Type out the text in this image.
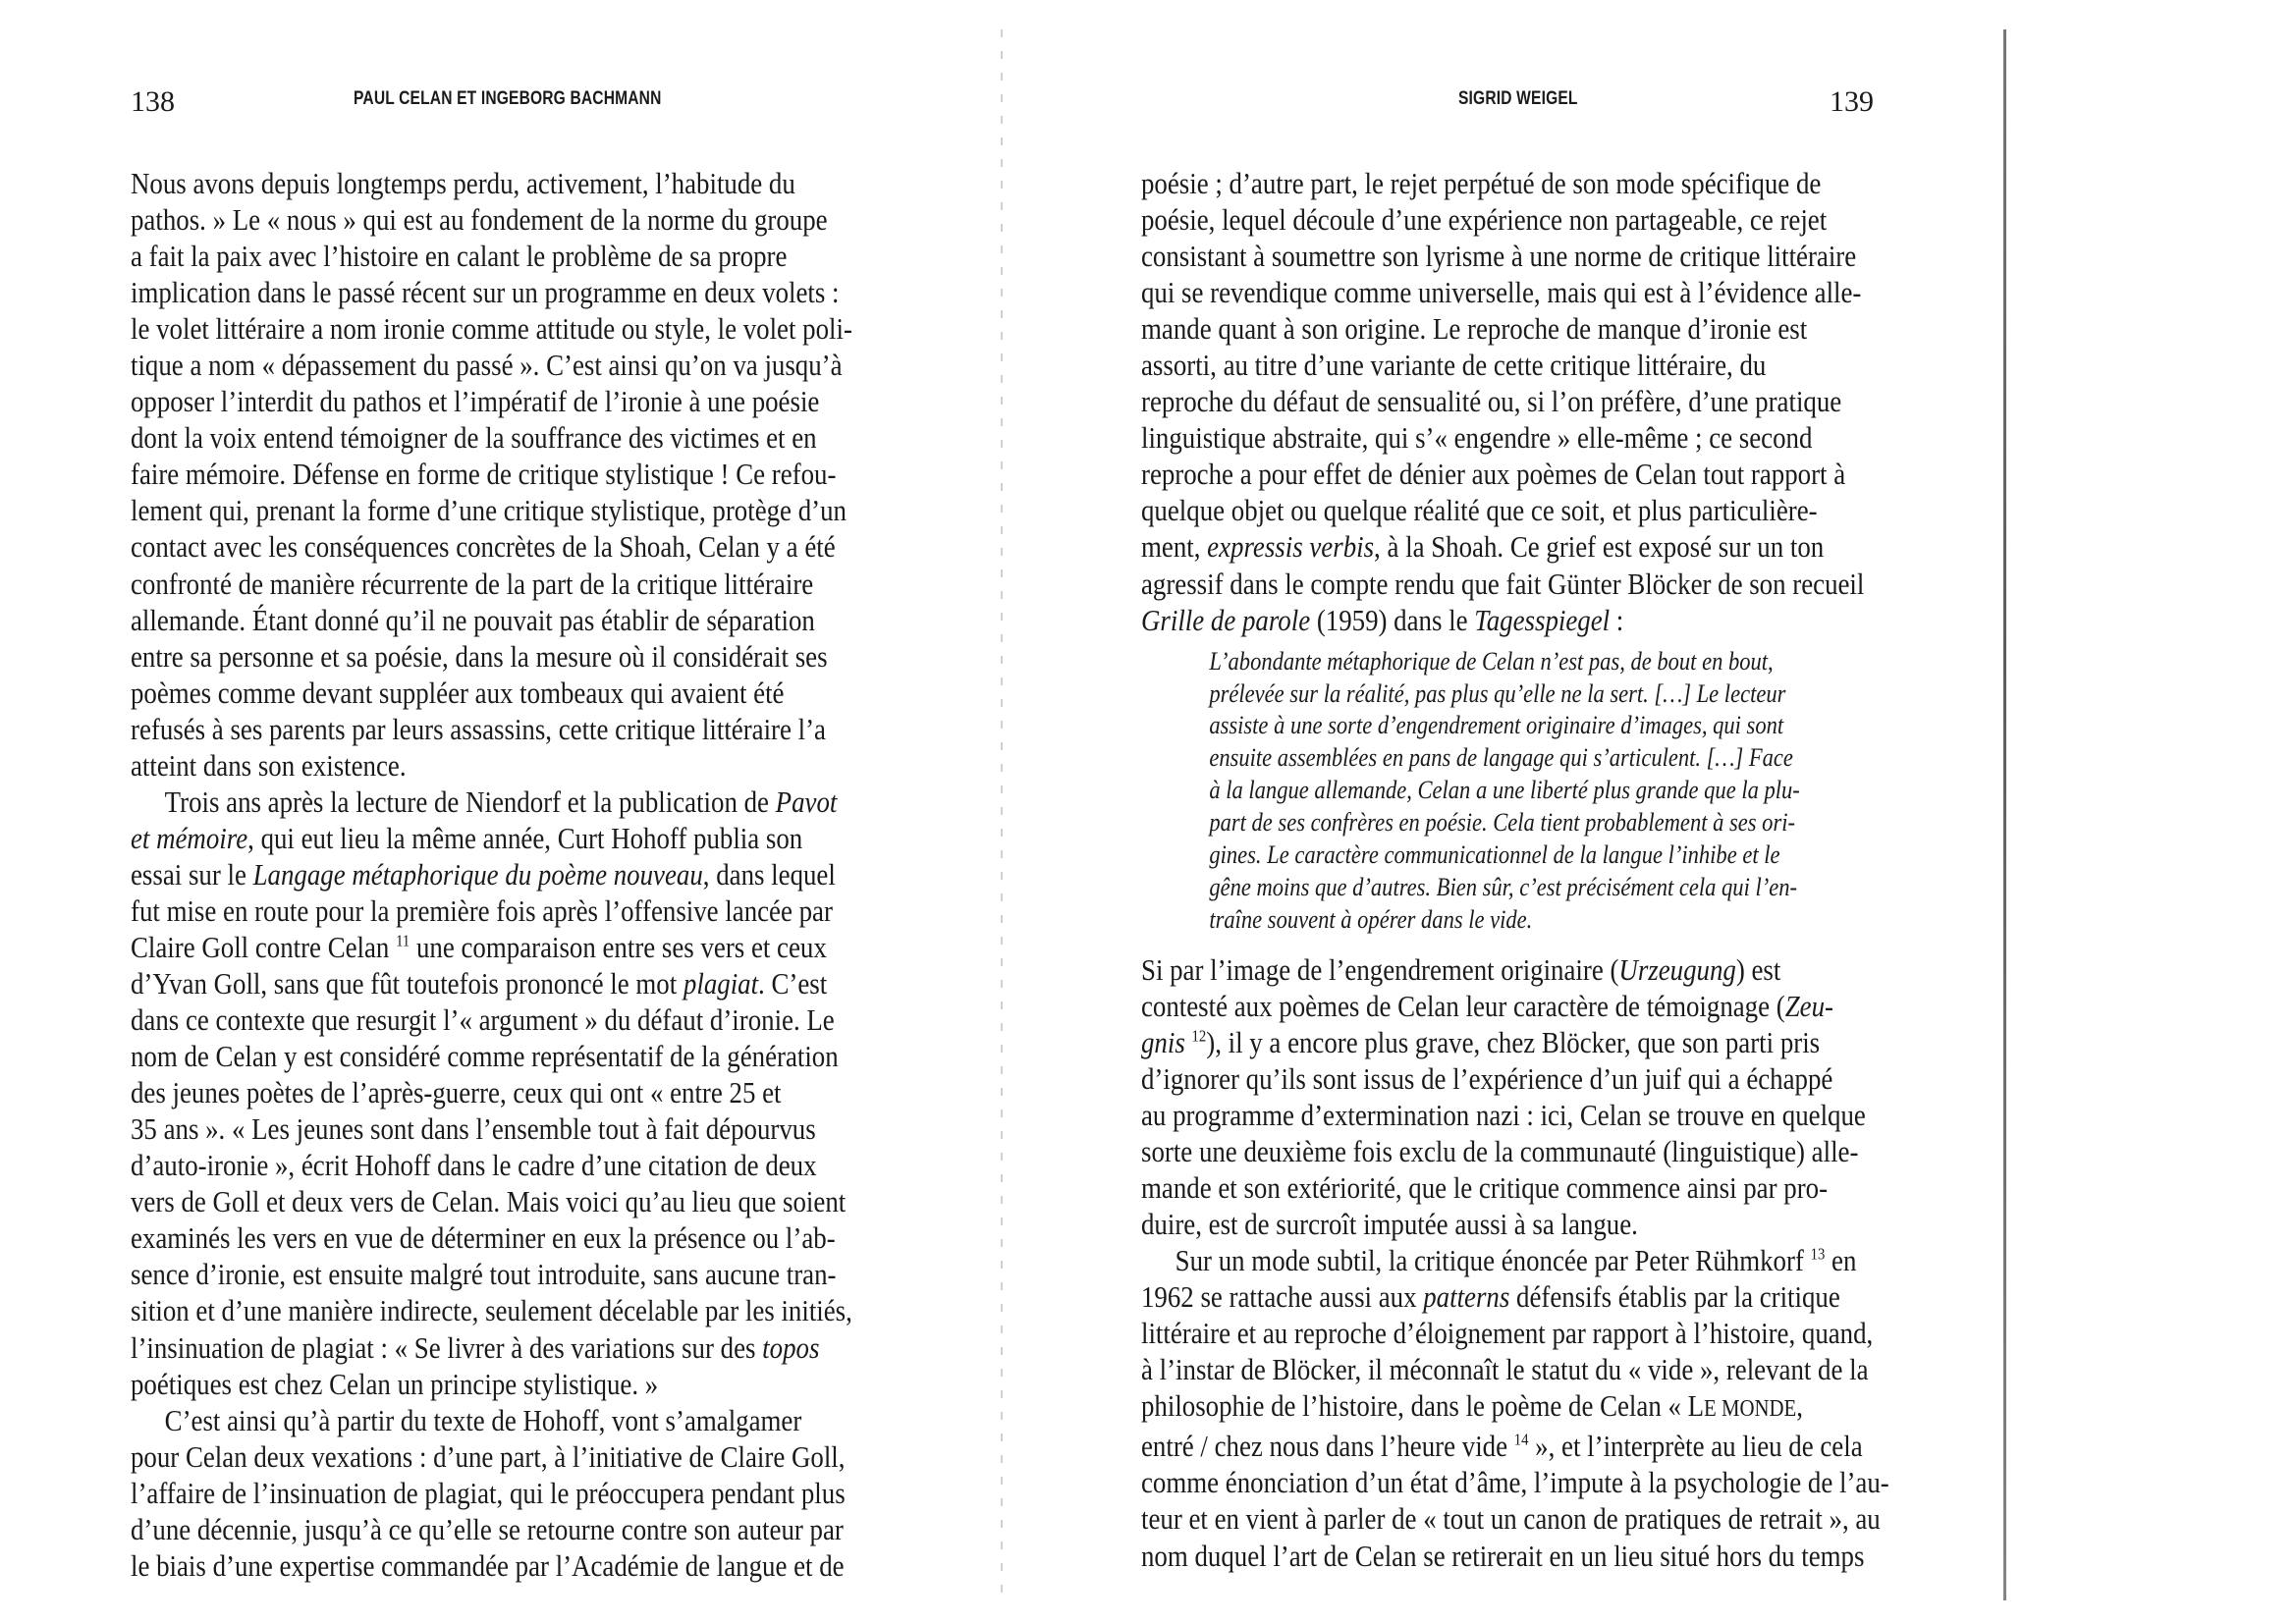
138	PAUL CELAN ET INGEBORG BACHMANN

Nous avons depuis longtemps perdu, activement, l’habitude du
pathos. » Le « nous » qui est au fondement de la norme du groupe
a fait la paix avec l’histoire en calant le problème de sa propre
implication dans le passé récent sur un programme en deux volets :
le volet littéraire a nom ironie comme attitude ou style, le volet poli-
tique a nom « dépassement du passé ». C’est ainsi qu’on va jusqu’à
opposer l’interdit du pathos et l’impératif de l’ironie à une poésie
dont la voix entend témoigner de la souffrance des victimes et en
faire mémoire. Défense en forme de critique stylistique ! Ce refou-
lement qui, prenant la forme d’une critique stylistique, protège d’un
contact avec les conséquences concrètes de la Shoah, Celan y a été
confronté de manière récurrente de la part de la critique littéraire
allemande. Étant donné qu’il ne pouvait pas établir de séparation
entre sa personne et sa poésie, dans la mesure où il considérait ses
poèmes comme devant suppléer aux tombeaux qui avaient été
refusés à ses parents par leurs assassins, cette critique littéraire l’a
atteint dans son existence.

Trois ans après la lecture de Niendorf et la publication de Pavot
et mémoire, qui eut lieu la même année, Curt Hohoff publia son
essai sur le Langage métaphorique du poème nouveau, dans lequel
fut mise en route pour la première fois après l’offensive lancée par
Claire Goll contre Celan $^{11}$ une comparaison entre ses vers et ceux
d’Yvan Goll, sans que fût toutefois prononcé le mot plagiat. C’est
dans ce contexte que resurgit l’« argument » du défaut d’ironie. Le
nom de Celan y est considéré comme représentatif de la génération
des jeunes poètes de l’après-guerre, ceux qui ont « entre 25 et
35 ans ». « Les jeunes sont dans l’ensemble tout à fait dépourvus
d’auto-ironie », écrit Hohoff dans le cadre d’une citation de deux
vers de Goll et deux vers de Celan. Mais voici qu’au lieu que soient
examinés les vers en vue de déterminer en eux la présence ou l’ab-
sence d’ironie, est ensuite malgré tout introduite, sans aucune tran-
sition et d’une manière indirecte, seulement décelable par les initiés,
l’insinuation de plagiat : « Se livrer à des variations sur des topos
poétiques est chez Celan un principe stylistique. »

C’est ainsi qu’à partir du texte de Hohoff, vont s’amalgamer
pour Celan deux vexations : d’une part, à l’initiative de Claire Goll,
l’affaire de l’insinuation de plagiat, qui le préoccupera pendant plus
d’une décennie, jusqu’à ce qu’elle se retourne contre son auteur par
le biais d’une expertise commandée par l’Académie de langue et de

SIGRID WEIGEL	139

poésie ; d’autre part, le rejet perpétué de son mode spécifique de
poésie, lequel découle d’une expérience non partageable, ce rejet
consistant à soumettre son lyrisme à une norme de critique littéraire
qui se revendique comme universelle, mais qui est à l’évidence alle-
mande quant à son origine. Le reproche de manque d’ironie est
assorti, au titre d’une variante de cette critique littéraire, du
reproche du défaut de sensualité ou, si l’on préfère, d’une pratique
linguistique abstraite, qui s’« engendre » elle-même ; ce second
reproche a pour effet de dénier aux poèmes de Celan tout rapport à
quelque objet ou quelque réalité que ce soit, et plus particulière-
ment, expressis verbis, à la Shoah. Ce grief est exposé sur un ton
agressif dans le compte rendu que fait Günter Blöcker de son recueil
Grille de parole (1959) dans le Tagesspiegel :

L’abondante métaphorique de Celan n’est pas, de bout en bout,
prélevée sur la réalité, pas plus qu’elle ne la sert. […] Le lecteur
assiste à une sorte d’engendrement originaire d’images, qui sont
ensuite assemblées en pans de langage qui s’articulent. […] Face
à la langue allemande, Celan a une liberté plus grande que la plu-
part de ses confrères en poésie. Cela tient probablement à ses ori-
gines. Le caractère communicationnel de la langue l’inhibe et le
gêne moins que d’autres. Bien sûr, c’est précisément cela qui l’en-
traîne souvent à opérer dans le vide.

Si par l’image de l’engendrement originaire (Urzeugung) est
contesté aux poèmes de Celan leur caractère de témoignage (Zeu-
gnis $^{12}$), il y a encore plus grave, chez Blöcker, que son parti pris
d’ignorer qu’ils sont issus de l’expérience d’un juif qui a échappé
au programme d’extermination nazi : ici, Celan se trouve en quelque
sorte une deuxième fois exclu de la communauté (linguistique) alle-
mande et son extériorité, que le critique commence ainsi par pro-
duire, est de surcroît imputée aussi à sa langue.

Sur un mode subtil, la critique énoncée par Peter Rühmkorf $^{13}$ en
1962 se rattache aussi aux patterns défensifs établis par la critique
littéraire et au reproche d’éloignement par rapport à l’histoire, quand,
à l’instar de Blöcker, il méconnaît le statut du « vide », relevant de la
philosophie de l’histoire, dans le poème de Celan « LE MONDE,
entré / chez nous dans l’heure vide $^{14}$ », et l’interprète au lieu de cela
comme énonciation d’un état d’âme, l’impute à la psychologie de l’au-
teur et en vient à parler de « tout un canon de pratiques de retrait », au
nom duquel l’art de Celan se retirerait en un lieu situé hors du temps
